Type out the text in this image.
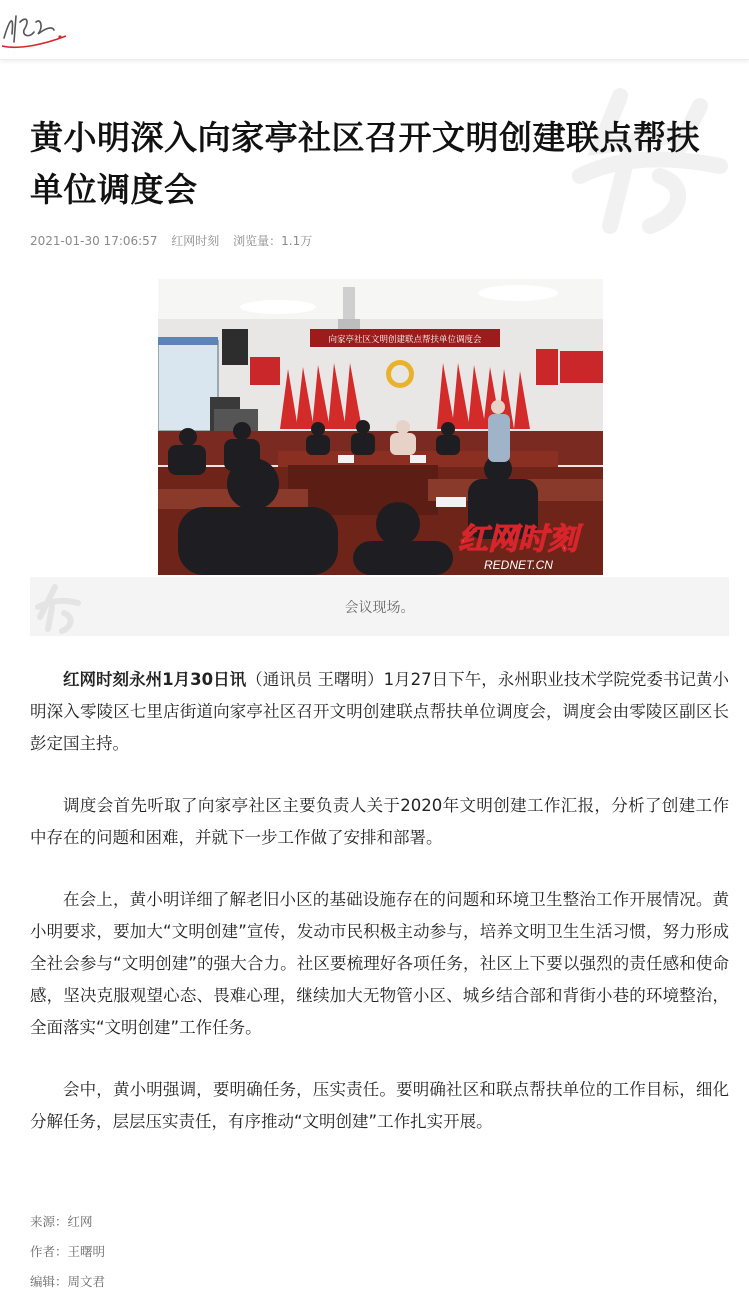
黄小明深入向家亭社区召开文明创建联点帮扶单位调度会
2021-01-30 17:06:57 红网时刻 浏览量：1.1万
向家亭社区文明创建联点帮扶单位调度会
红网时刻
REDNET.CN
会议现场。

红网时刻永州1月30日讯（通讯员 王曙明）1月27日下午，永州职业技术学院党委书记黄小明深入零陵区七里店街道向家亭社区召开文明创建联点帮扶单位调度会，调度会由零陵区副区长彭定国主持。

调度会首先听取了向家亭社区主要负责人关于2020年文明创建工作汇报，分析了创建工作中存在的问题和困难，并就下一步工作做了安排和部署。

在会上，黄小明详细了解老旧小区的基础设施存在的问题和环境卫生整治工作开展情况。黄小明要求，要加大“文明创建”宣传，发动市民积极主动参与，培养文明卫生生活习惯，努力形成全社会参与“文明创建”的强大合力。社区要梳理好各项任务，社区上下要以强烈的责任感和使命感，坚决克服观望心态、畏难心理，继续加大无物管小区、城乡结合部和背街小巷的环境整治，全面落实“文明创建”工作任务。

会中，黄小明强调，要明确任务，压实责任。要明确社区和联点帮扶单位的工作目标，细化分解任务，层层压实责任，有序推动“文明创建”工作扎实开展。

来源：红网
作者：王曙明
编辑：周文君
